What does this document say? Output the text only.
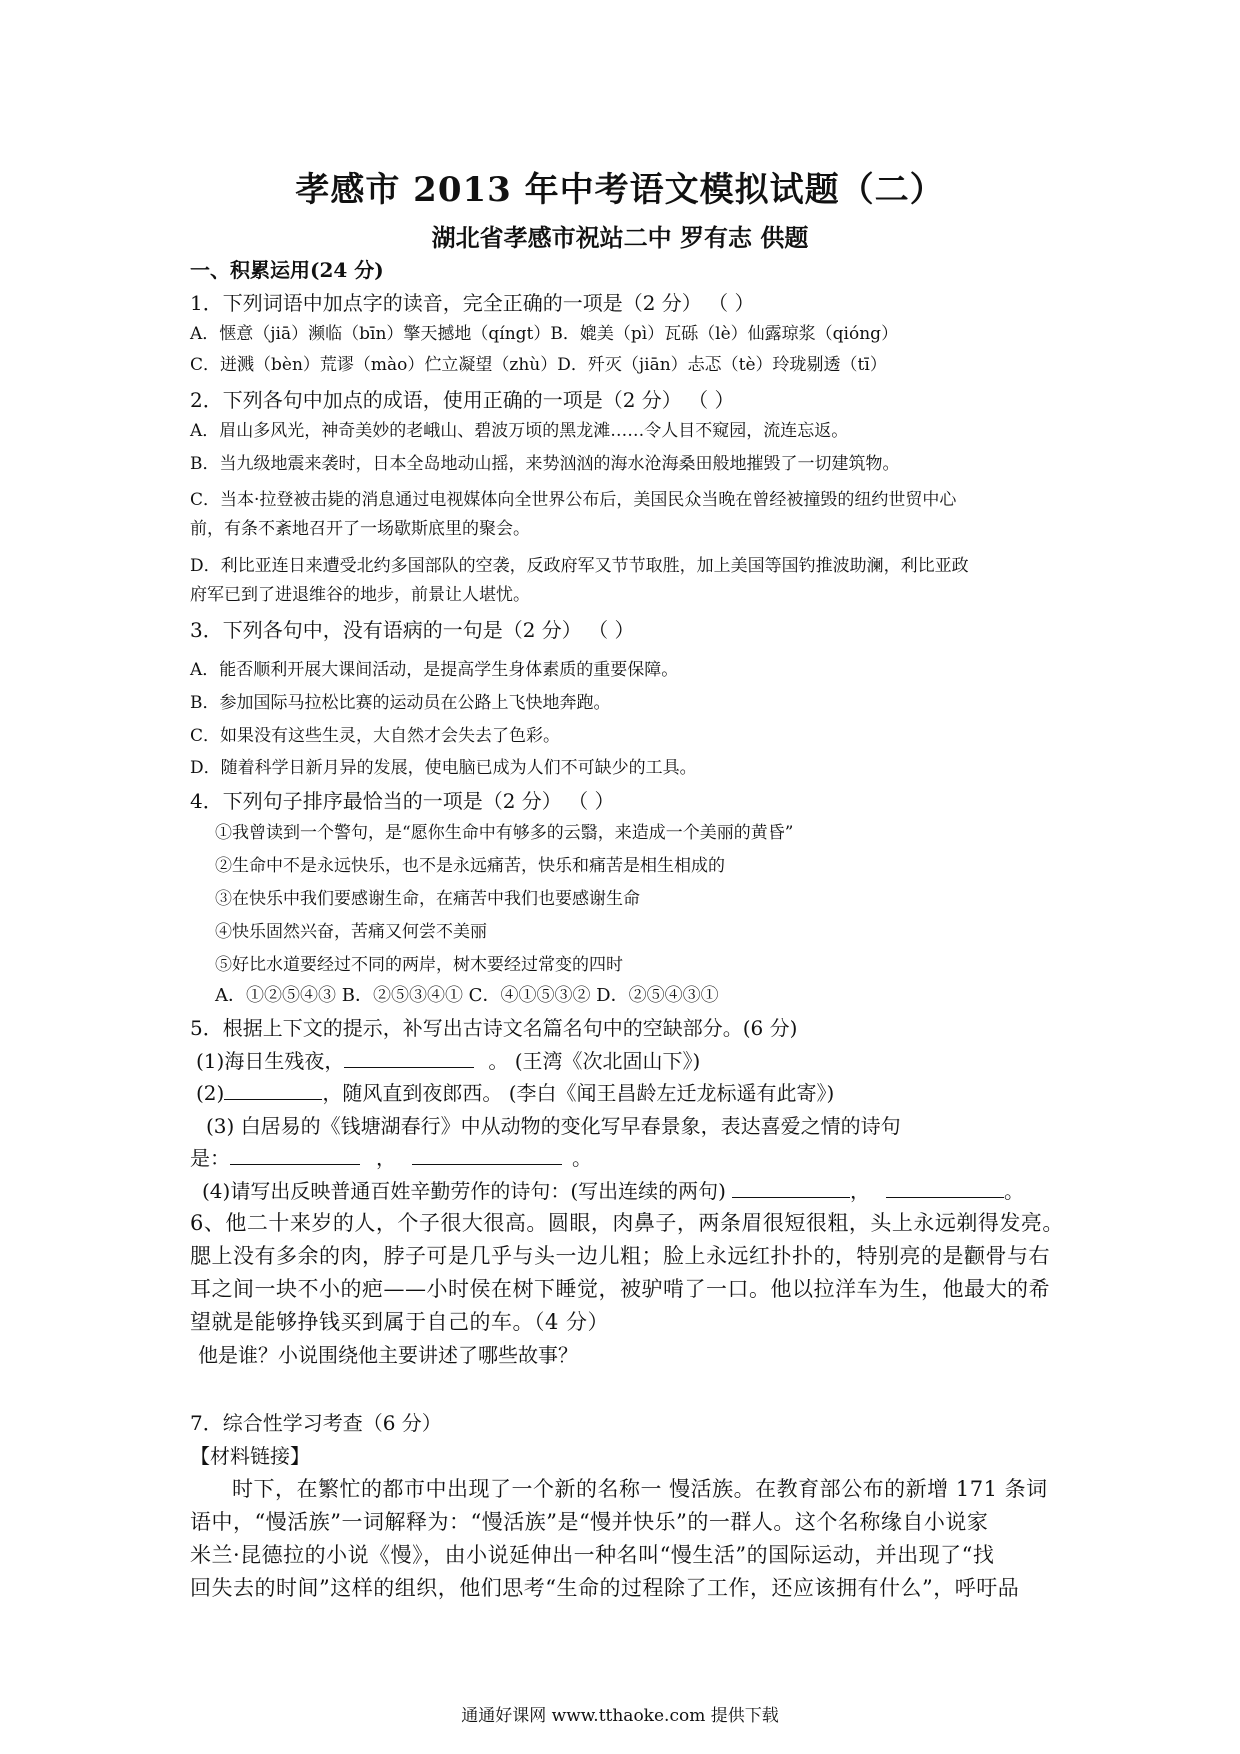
孝感市 2013 年中考语文模拟试题（二）
湖北省孝感市祝站二中 罗有志 供题
一、积累运用(24 分)
1．下列词语中加点字的读音，完全正确的一项是（2 分） （ ）
A．惬意（jiā）濒临（bīn）擎天撼地（qíngt）B．媲美（pì）瓦砾（lè）仙露琼浆（qióng）
C．迸溅（bèn）荒谬（mào）伫立凝望（zhù）D．歼灭（jiān）忐忑（tè）玲珑剔透（tī）
2．下列各句中加点的成语，使用正确的一项是（2 分） （ ）
A．眉山多风光，神奇美妙的老峨山、碧波万顷的黑龙滩……令人目不窥园，流连忘返。
B．当九级地震来袭时，日本全岛地动山摇，来势汹汹的海水沧海桑田般地摧毁了一切建筑物。
C．当本·拉登被击毙的消息通过电视媒体向全世界公布后，美国民众当晚在曾经被撞毁的纽约世贸中心
前，有条不紊地召开了一场歇斯底里的聚会。
D．利比亚连日来遭受北约多国部队的空袭，反政府军又节节取胜，加上美国等国钓推波助澜，利比亚政
府军已到了进退维谷的地步，前景让人堪忧。
3．下列各句中，没有语病的一句是（2 分） （ ）
A．能否顺利开展大课间活动，是提高学生身体素质的重要保障。
B．参加国际马拉松比赛的运动员在公路上飞快地奔跑。
C．如果没有这些生灵，大自然才会失去了色彩。
D．随着科学日新月异的发展，使电脑已成为人们不可缺少的工具。
4．下列句子排序最恰当的一项是（2 分） （ ）
①我曾读到一个警句，是“愿你生命中有够多的云翳，来造成一个美丽的黄昏”
②生命中不是永远快乐，也不是永远痛苦，快乐和痛苦是相生相成的
③在快乐中我们要感谢生命，在痛苦中我们也要感谢生命
④快乐固然兴奋，苦痛又何尝不美丽
⑤好比水道要经过不同的两岸，树木要经过常变的四时
A．①②⑤④③ B．②⑤③④① C．④①⑤③② D．②⑤④③①
5．根据上下文的提示，补写出古诗文名篇名句中的空缺部分。(6 分)
(1)海日生残夜，	。 (王湾《次北固山下》)
(2)	，随风直到夜郎西。 (李白《闻王昌龄左迁龙标遥有此寄》)
(3) 白居易的《钱塘湖春行》中从动物的变化写早春景象，表达喜爱之情的诗句
是：	，	。
(4)请写出反映普通百姓辛勤劳作的诗句：(写出连续的两句)	，	。
6、他二十来岁的人，个子很大很高。圆眼，肉鼻子，两条眉很短很粗，头上永远剃得发亮。
腮上没有多余的肉，脖子可是几乎与头一边儿粗；脸上永远红扑扑的，特别亮的是颧骨与右
耳之间一块不小的疤——小时侯在树下睡觉，被驴啃了一口。他以拉洋车为生，他最大的希
望就是能够挣钱买到属于自己的车。（4 分）
他是谁？小说围绕他主要讲述了哪些故事？
7．综合性学习考查（6 分）
【材料链接】
时下，在繁忙的都市中出现了一个新的名称一 慢活族。在教育部公布的新增 171 条词
语中，“慢活族”一词解释为：“慢活族”是“慢并快乐”的一群人。这个名称缘自小说家
米兰·昆德拉的小说《慢》，由小说延伸出一种名叫“慢生活”的国际运动，并出现了“找
回失去的时间”这样的组织，他们思考“生命的过程除了工作，还应该拥有什么”，呼吁品
通通好课网 www.tthaoke.com 提供下载
